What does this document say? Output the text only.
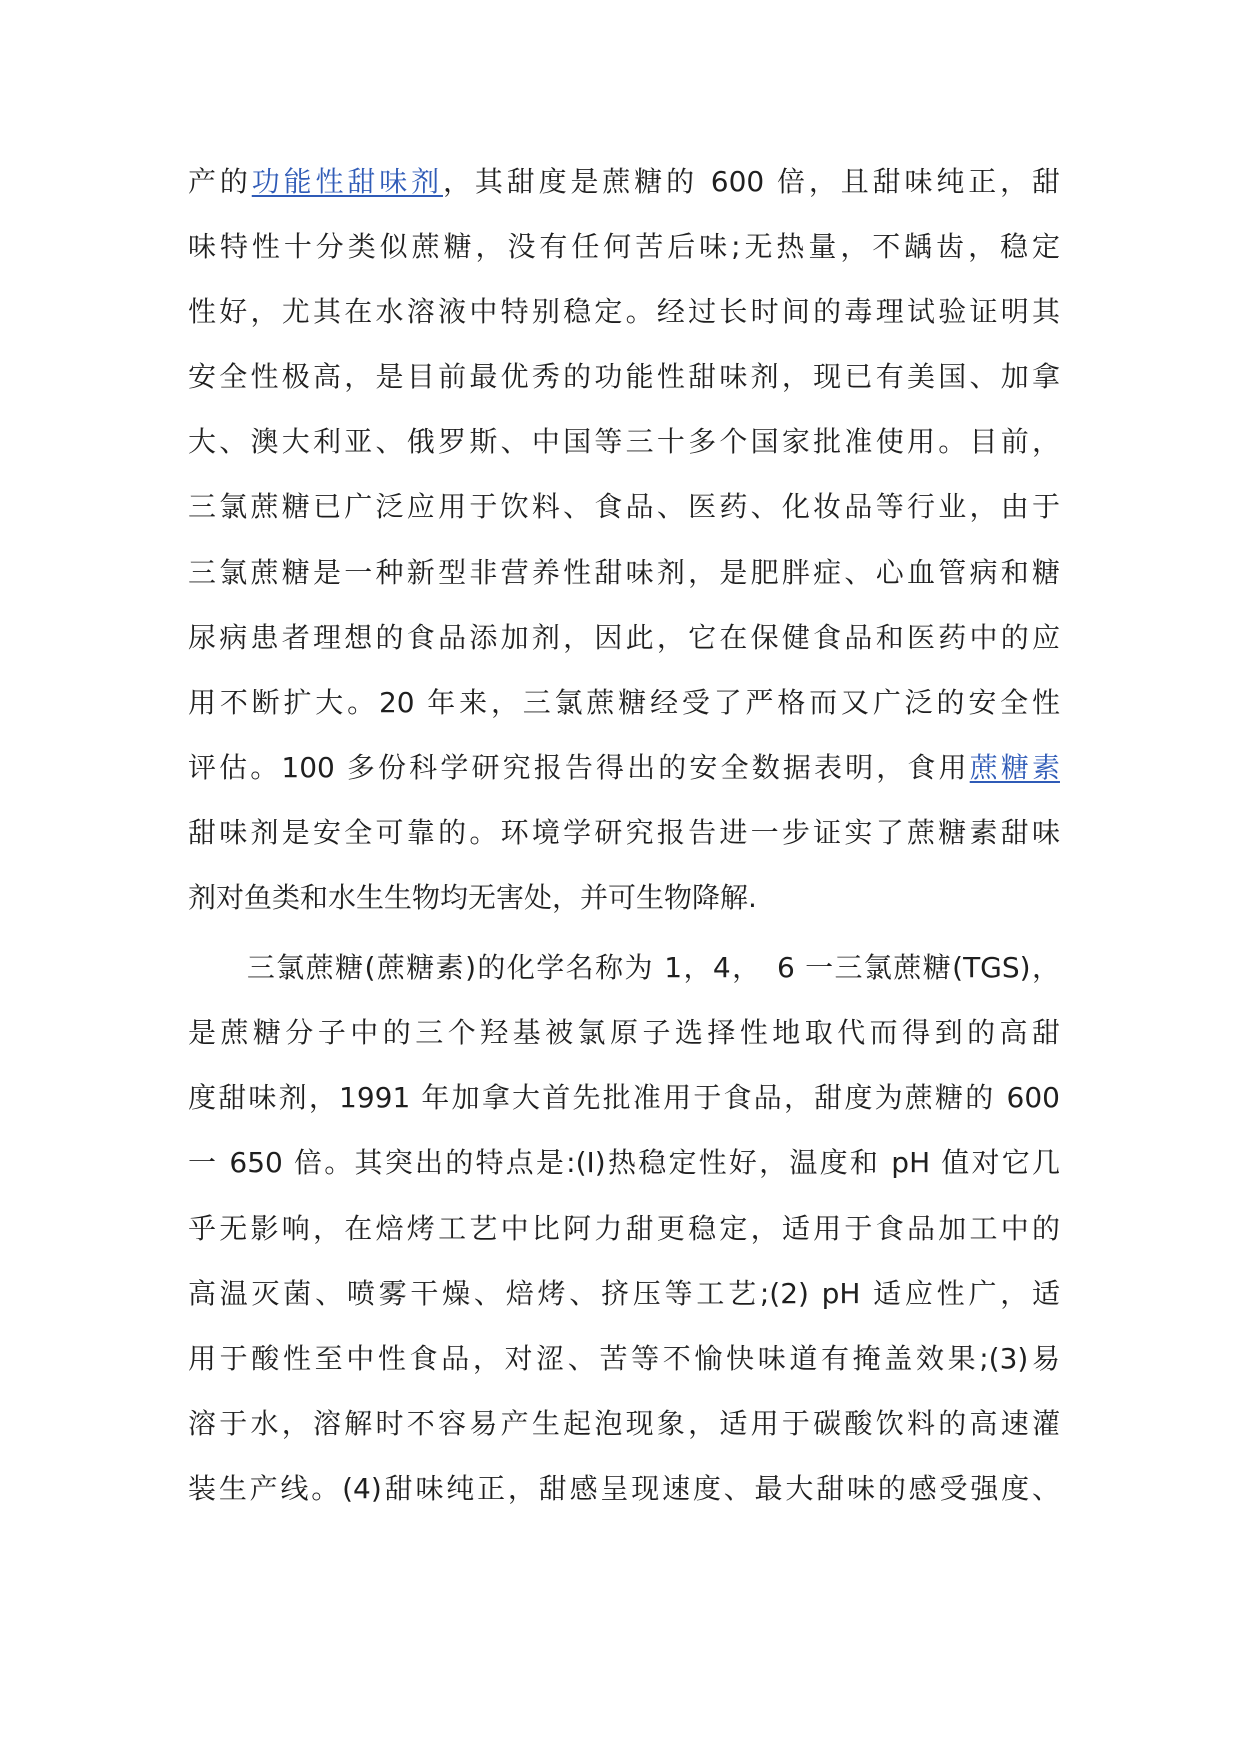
产的功能性甜味剂，其甜度是蔗糖的 600 倍，且甜味纯正，甜
味特性十分类似蔗糖，没有任何苦后味;无热量，不龋齿，稳定
性好，尤其在水溶液中特别稳定。经过长时间的毒理试验证明其
安全性极高，是目前最优秀的功能性甜味剂，现已有美国、加拿
大、澳大利亚、俄罗斯、中国等三十多个国家批准使用。目前，
三氯蔗糖已广泛应用于饮料、食品、医药、化妆品等行业，由于
三氯蔗糖是一种新型非营养性甜味剂，是肥胖症、心血管病和糖
尿病患者理想的食品添加剂，因此，它在保健食品和医药中的应
用不断扩大。20 年来，三氯蔗糖经受了严格而又广泛的安全性
评估。100 多份科学研究报告得出的安全数据表明，食用蔗糖素
甜味剂是安全可靠的。环境学研究报告进一步证实了蔗糖素甜味
剂对鱼类和水生生物均无害处，并可生物降解.
　　三氯蔗糖(蔗糖素)的化学名称为 1，4，　6 一三氯蔗糖(TGS)，
是蔗糖分子中的三个羟基被氯原子选择性地取代而得到的高甜
度甜味剂，1991 年加拿大首先批准用于食品，甜度为蔗糖的 600
一 650 倍。其突出的特点是:(I)热稳定性好，温度和 pH 值对它几
乎无影响，在焙烤工艺中比阿力甜更稳定，适用于食品加工中的
高温灭菌、喷雾干燥、焙烤、挤压等工艺;(2) pH 适应性广，适
用于酸性至中性食品，对涩、苦等不愉快味道有掩盖效果;(3)易
溶于水，溶解时不容易产生起泡现象，适用于碳酸饮料的高速灌
装生产线。(4)甜味纯正，甜感呈现速度、最大甜味的感受强度、
